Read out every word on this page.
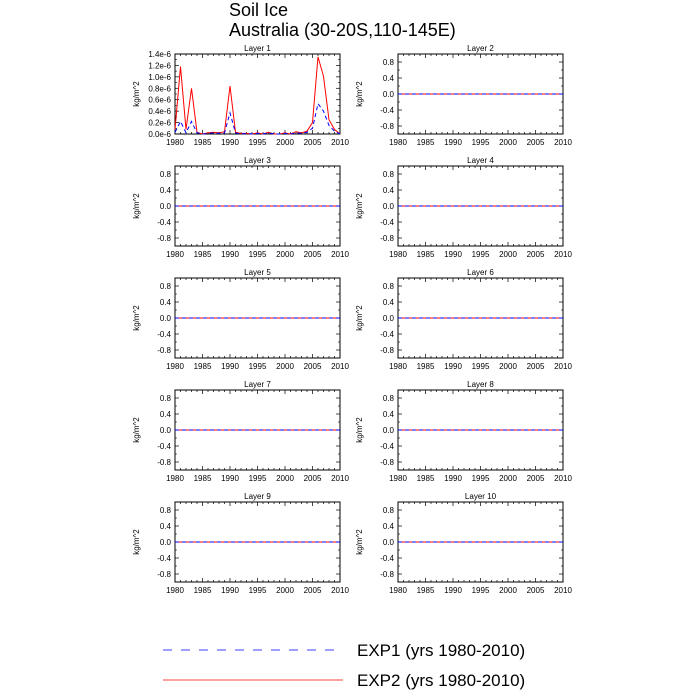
Soil Ice
Australia (30-20S,110-145E)
Layer 1
kg/m^2
1980 1985 1990 1995 2000 2005 2010
0.0e-6
0.2e-6
0.4e-6
0.6e-6
0.8e-6
1.0e-6
1.2e-6
1.4e-6
Layer 2
kg/m^2
1980 1985 1990 1995 2000 2005 2010
0.8
0.4
0.0
-0.4
-0.8
Layer 3
kg/m^2
1980 1985 1990 1995 2000 2005 2010
0.8
0.4
0.0
-0.4
-0.8
Layer 4
kg/m^2
1980 1985 1990 1995 2000 2005 2010
0.8
0.4
0.0
-0.4
-0.8
Layer 5
kg/m^2
1980 1985 1990 1995 2000 2005 2010
0.8
0.4
0.0
-0.4
-0.8
Layer 6
kg/m^2
1980 1985 1990 1995 2000 2005 2010
0.8
0.4
0.0
-0.4
-0.8
Layer 7
kg/m^2
1980 1985 1990 1995 2000 2005 2010
0.8
0.4
0.0
-0.4
-0.8
Layer 8
kg/m^2
1980 1985 1990 1995 2000 2005 2010
0.8
0.4
0.0
-0.4
-0.8
Layer 9
kg/m^2
1980 1985 1990 1995 2000 2005 2010
0.8
0.4
0.0
-0.4
-0.8
Layer 10
kg/m^2
1980 1985 1990 1995 2000 2005 2010
0.8
0.4
0.0
-0.4
-0.8
EXP1 (yrs 1980-2010)
EXP2 (yrs 1980-2010)
